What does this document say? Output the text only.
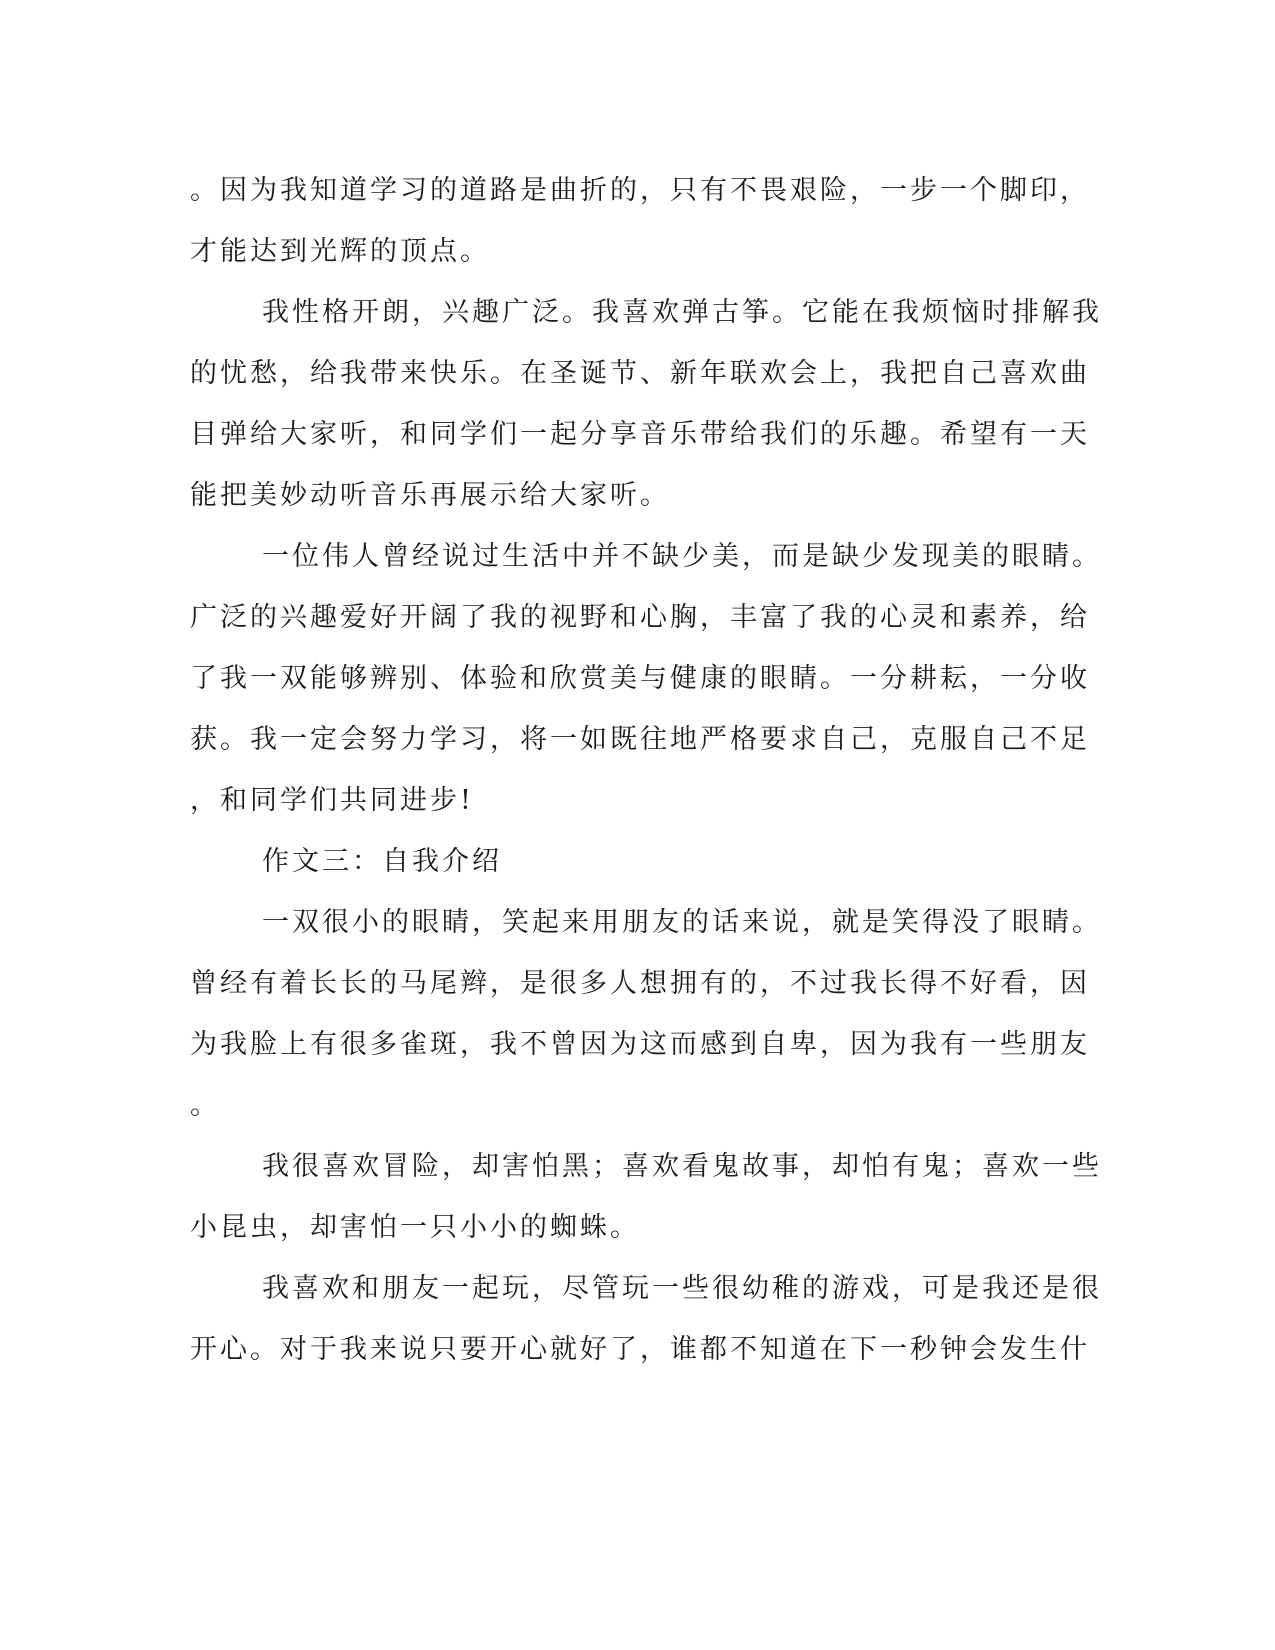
。因为我知道学习的道路是曲折的，只有不畏艰险，一步一个脚印，
才能达到光辉的顶点。
我性格开朗，兴趣广泛。我喜欢弹古筝。它能在我烦恼时排解我
的忧愁，给我带来快乐。在圣诞节、新年联欢会上，我把自己喜欢曲
目弹给大家听，和同学们一起分享音乐带给我们的乐趣。希望有一天
能把美妙动听音乐再展示给大家听。
一位伟人曾经说过生活中并不缺少美，而是缺少发现美的眼睛。
广泛的兴趣爱好开阔了我的视野和心胸，丰富了我的心灵和素养，给
了我一双能够辨别、体验和欣赏美与健康的眼睛。一分耕耘，一分收
获。我一定会努力学习，将一如既往地严格要求自己，克服自己不足
，和同学们共同进步!
作文三：自我介绍
一双很小的眼睛，笑起来用朋友的话来说，就是笑得没了眼睛。
曾经有着长长的马尾辫，是很多人想拥有的，不过我长得不好看，因
为我脸上有很多雀斑，我不曾因为这而感到自卑，因为我有一些朋友
。
我很喜欢冒险，却害怕黑；喜欢看鬼故事，却怕有鬼；喜欢一些
小昆虫，却害怕一只小小的蜘蛛。
我喜欢和朋友一起玩，尽管玩一些很幼稚的游戏，可是我还是很
开心。对于我来说只要开心就好了，谁都不知道在下一秒钟会发生什
